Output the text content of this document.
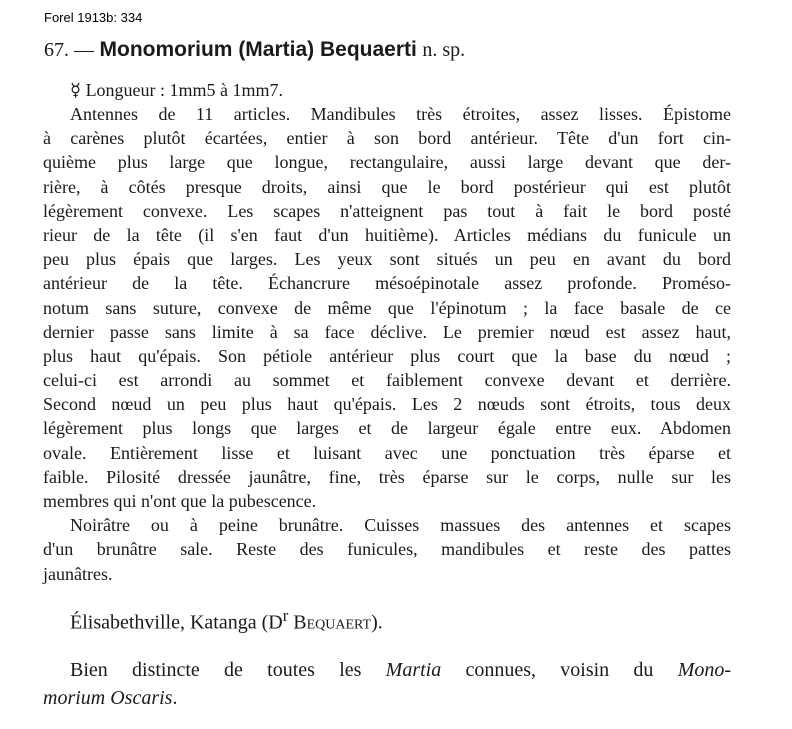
Forel 1913b: 334
67. — Monomorium (Martia) Bequaerti n. sp.
☿ Longueur : 1mm5 à 1mm7.
Antennes de 11 articles. Mandibules très étroites, assez lisses. Épistome
à carènes plutôt écartées, entier à son bord antérieur. Tête d'un fort cin-
quième plus large que longue, rectangulaire, aussi large devant que der-
rière, à côtés presque droits, ainsi que le bord postérieur qui est plutôt
légèrement convexe. Les scapes n'atteignent pas tout à fait le bord posté
rieur de la tête (il s'en faut d'un huitième). Articles médians du funicule un
peu plus épais que larges. Les yeux sont situés un peu en avant du bord
antérieur de la tête. Échancrure mésoépinotale assez profonde. Proméso-
notum sans suture, convexe de même que l'épinotum ; la face basale de ce
dernier passe sans limite à sa face déclive. Le premier nœud est assez haut,
plus haut qu'épais. Son pétiole antérieur plus court que la base du nœud ;
celui-ci est arrondi au sommet et faiblement convexe devant et derrière.
Second nœud un peu plus haut qu'épais. Les 2 nœuds sont étroits, tous deux
légèrement plus longs que larges et de largeur égale entre eux. Abdomen
ovale. Entièrement lisse et luisant avec une ponctuation très éparse et
faible. Pilosité dressée jaunâtre, fine, très éparse sur le corps, nulle sur les
membres qui n'ont que la pubescence.
Noirâtre ou à peine brunâtre. Cuisses massues des antennes et scapes
d'un brunâtre sale. Reste des funicules, mandibules et reste des pattes
jaunâtres.
Élisabethville, Katanga ($D^r$ Bequaert).
Bien distincte de toutes les Martia connues, voisin du Mono-
morium Oscaris.
